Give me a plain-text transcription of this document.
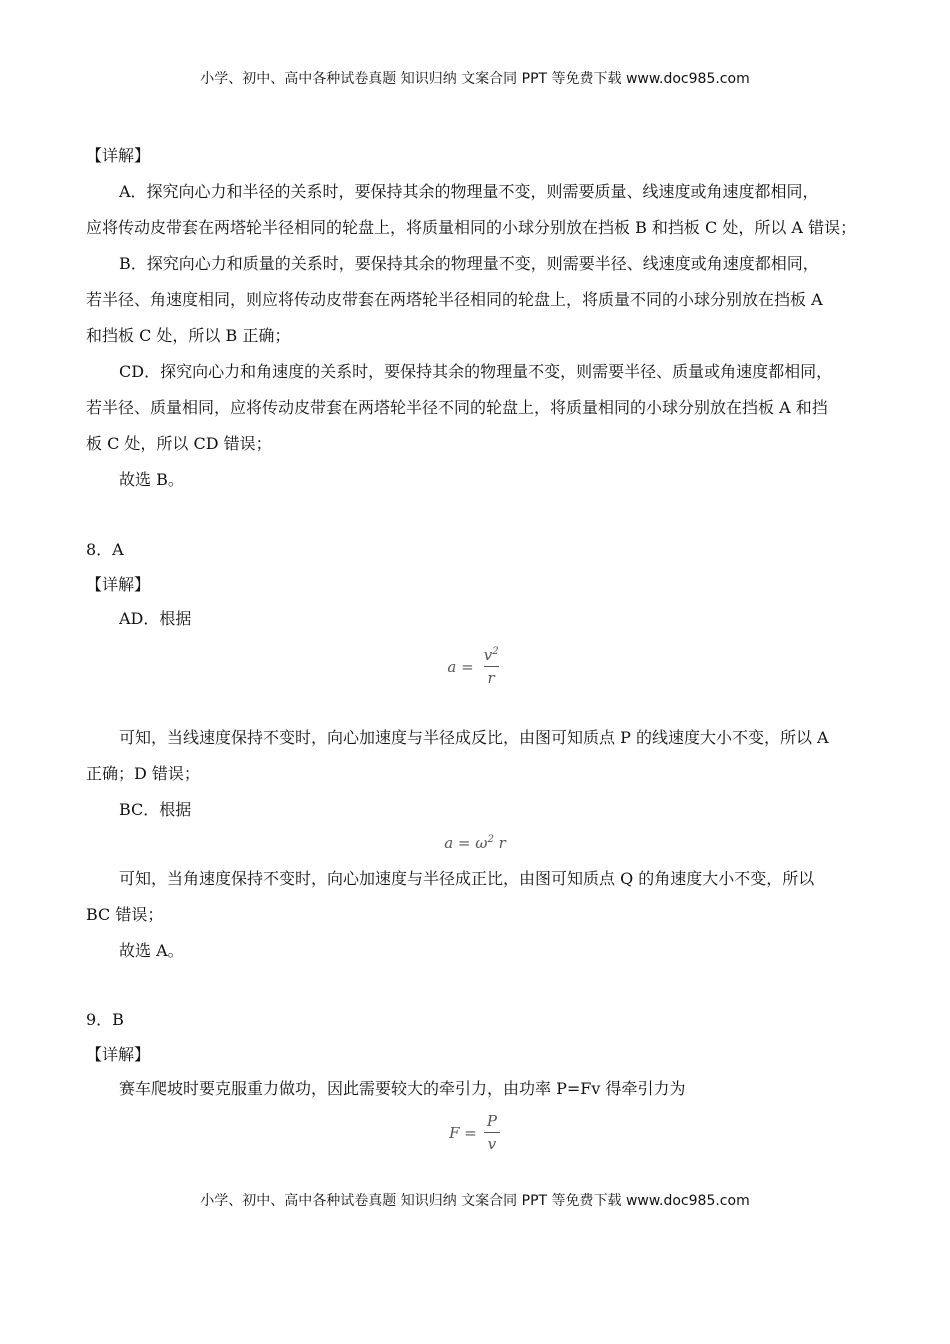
小学、初中、高中各种试卷真题 知识归纳 文案合同 PPT 等免费下载 www.doc985.com
【详解】
A．探究向心力和半径的关系时，要保持其余的物理量不变，则需要质量、线速度或角速度都相同，
应将传动皮带套在两塔轮半径相同的轮盘上，将质量相同的小球分别放在挡板 B 和挡板 C 处，所以 A 错误；
B．探究向心力和质量的关系时，要保持其余的物理量不变，则需要半径、线速度或角速度都相同，
若半径、角速度相同，则应将传动皮带套在两塔轮半径相同的轮盘上，将质量不同的小球分别放在挡板 A
和挡板 C 处，所以 B 正确；
CD．探究向心力和角速度的关系时，要保持其余的物理量不变，则需要半径、质量或角速度都相同，
若半径、质量相同，应将传动皮带套在两塔轮半径不同的轮盘上，将质量相同的小球分别放在挡板 A 和挡
板 C 处，所以 CD 错误；
故选 B。
8．A
【详解】
AD．根据
$a = \frac{v^2}{r}$
可知，当线速度保持不变时，向心加速度与半径成反比，由图可知质点 P 的线速度大小不变，所以 A
正确；D 错误；
BC．根据
$a = \omega^2$ r
可知，当角速度保持不变时，向心加速度与半径成正比，由图可知质点 Q 的角速度大小不变，所以
BC 错误；
故选 A。
9．B
【详解】
赛车爬坡时要克服重力做功，因此需要较大的牵引力，由功率 P=Fv 得牵引力为
$F = \frac{P}{v}$
小学、初中、高中各种试卷真题 知识归纳 文案合同 PPT 等免费下载 www.doc985.com
